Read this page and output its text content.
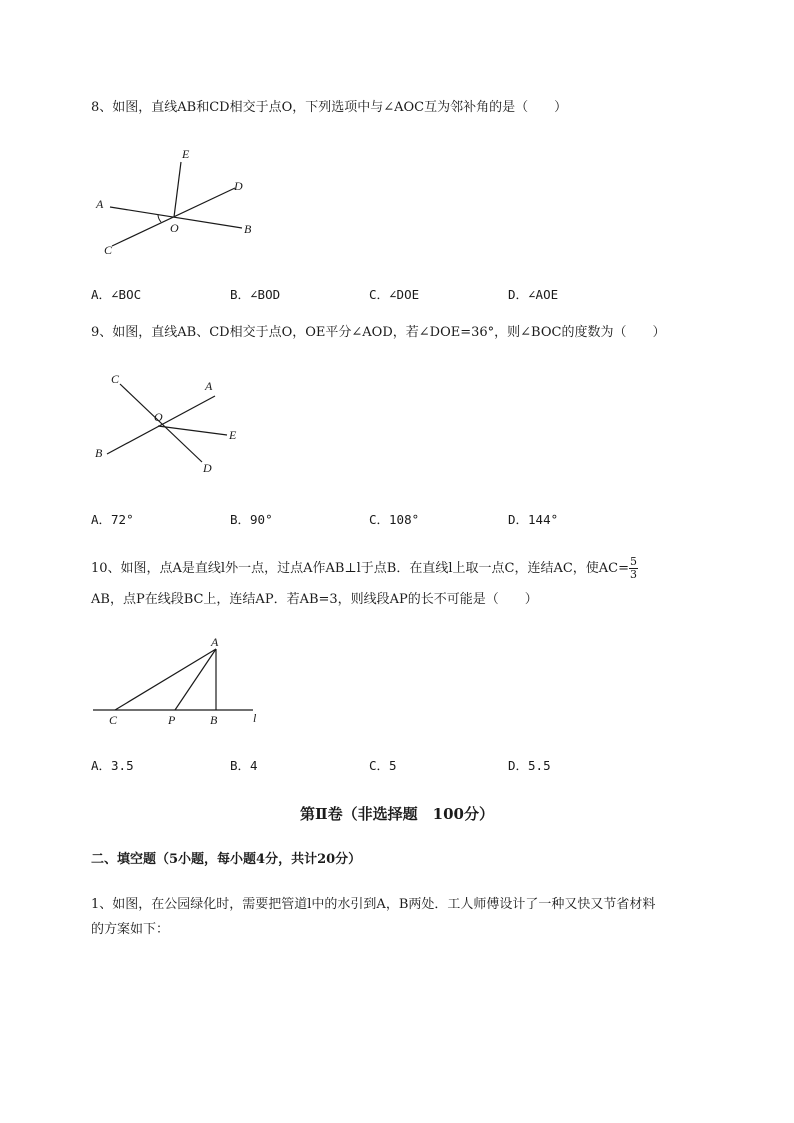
8、如图，直线AB和CD相交于点O，下列选项中与∠AOC互为邻补角的是（　　）
E
D
A
O	B
C
A．∠BOC	B．∠BOD	C．∠DOE	D．∠AOE
9、如图，直线AB、CD相交于点O，OE平分∠AOD，若∠DOE=36°，则∠BOC的度数为（　　）
C	A
O
E
B
D
A．72°	B．90°	C．108°	D．144°
10、如图，点A是直线l外一点，过点A作AB⊥l于点B．在直线l上取一点C，连结AC，使$AC= \frac{5}{3}$
AB，点P在线段BC上，连结AP．若AB=3，则线段AP的长不可能是（　　）
A
C	P	B	l
A．3.5	B．4	C．5	D．5.5
第Ⅱ卷（非选择题　100分）
二、填空题（5小题，每小题4分，共计20分）
1、如图，在公园绿化时，需要把管道l中的水引到A，B两处．工人师傅设计了一种又快又节省材料
的方案如下：
